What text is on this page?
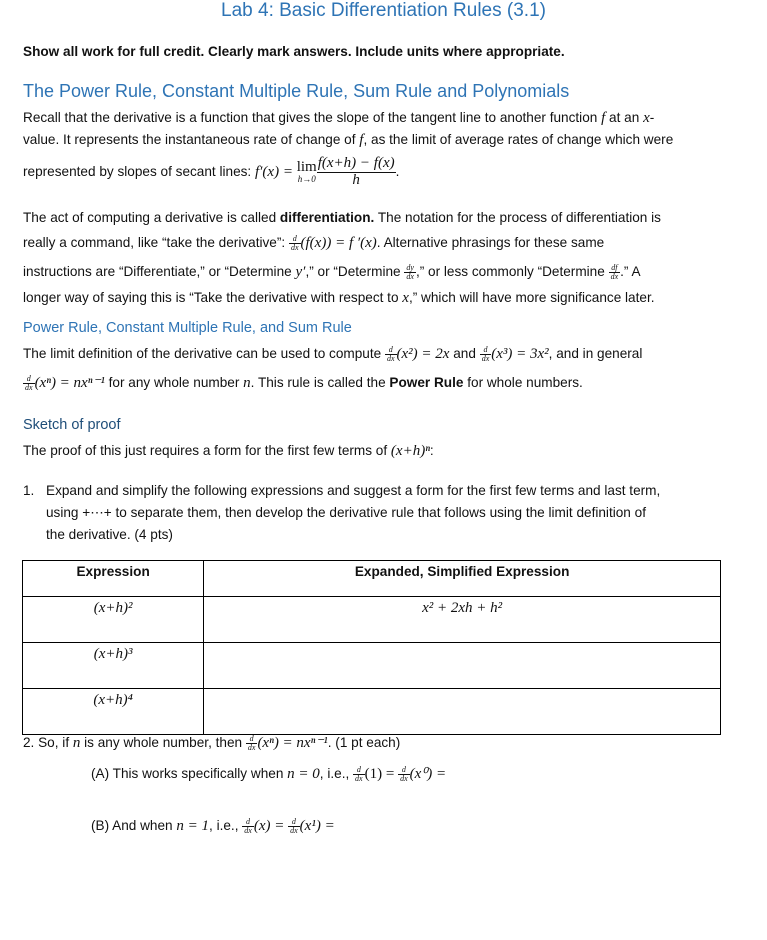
Lab 4: Basic Differentiation Rules (3.1)
Show all work for full credit. Clearly mark answers. Include units where appropriate.
The Power Rule, Constant Multiple Rule, Sum Rule and Polynomials
Recall that the derivative is a function that gives the slope of the tangent line to another function f at an x-
value. It represents the instantaneous rate of change of f, as the limit of average rates of change which were
represented by slopes of secant lines: f′(x) = lim
$h\to 0 \frac{f(x+h) - f(x)}{h}$ .
The act of computing a derivative is called differentiation. The notation for the process of differentiation is
really a command, like “take the derivative”: $\frac{d}{dx} (f(x)) = f$ ′(x). Alternative phrasings for these same
instructions are “Differentiate,” or “Determine y′,” or “Determine $\frac{dy}{dx}$ ,” or less commonly “Determine $\frac{df}{dx}$ .” A
longer way of saying this is “Take the derivative with respect to x,” which will have more significance later.
Power Rule, Constant Multiple Rule, and Sum Rule
The limit definition of the derivative can be used to compute $\frac{d}{dx} (x^2) = 2x$ and $\frac{d}{dx} (x^3) = 3x^2$, and in general
$\frac{d}{dx} (x^n) = nx^{n-1}$ for any whole number n. This rule is called the Power Rule for whole numbers.
Sketch of proof
The proof of this just requires a form for the first few terms of (x+h)ⁿ:
1. Expand and simplify the following expressions and suggest a form for the first few terms and last term,
using +⋯+ to separate them, then develop the derivative rule that follows using the limit definition of
the derivative. (4 pts)
Expression	Expanded, Simplified Expression
(x+h)²	x² + 2xh + h²
(x+h)³	
(x+h)⁴	
2. So, if n is any whole number, then $\frac{d}{dx} (x^n) = nx^{n-1}$. (1 pt each)
(A) This works specifically when n = 0, i.e., $\frac{d}{dx} (1) = \frac{d}{dx} (x^0)$ =
(B) And when n = 1, i.e., $\frac{d}{dx} (x) = \frac{d}{dx} (x^1)$ =
